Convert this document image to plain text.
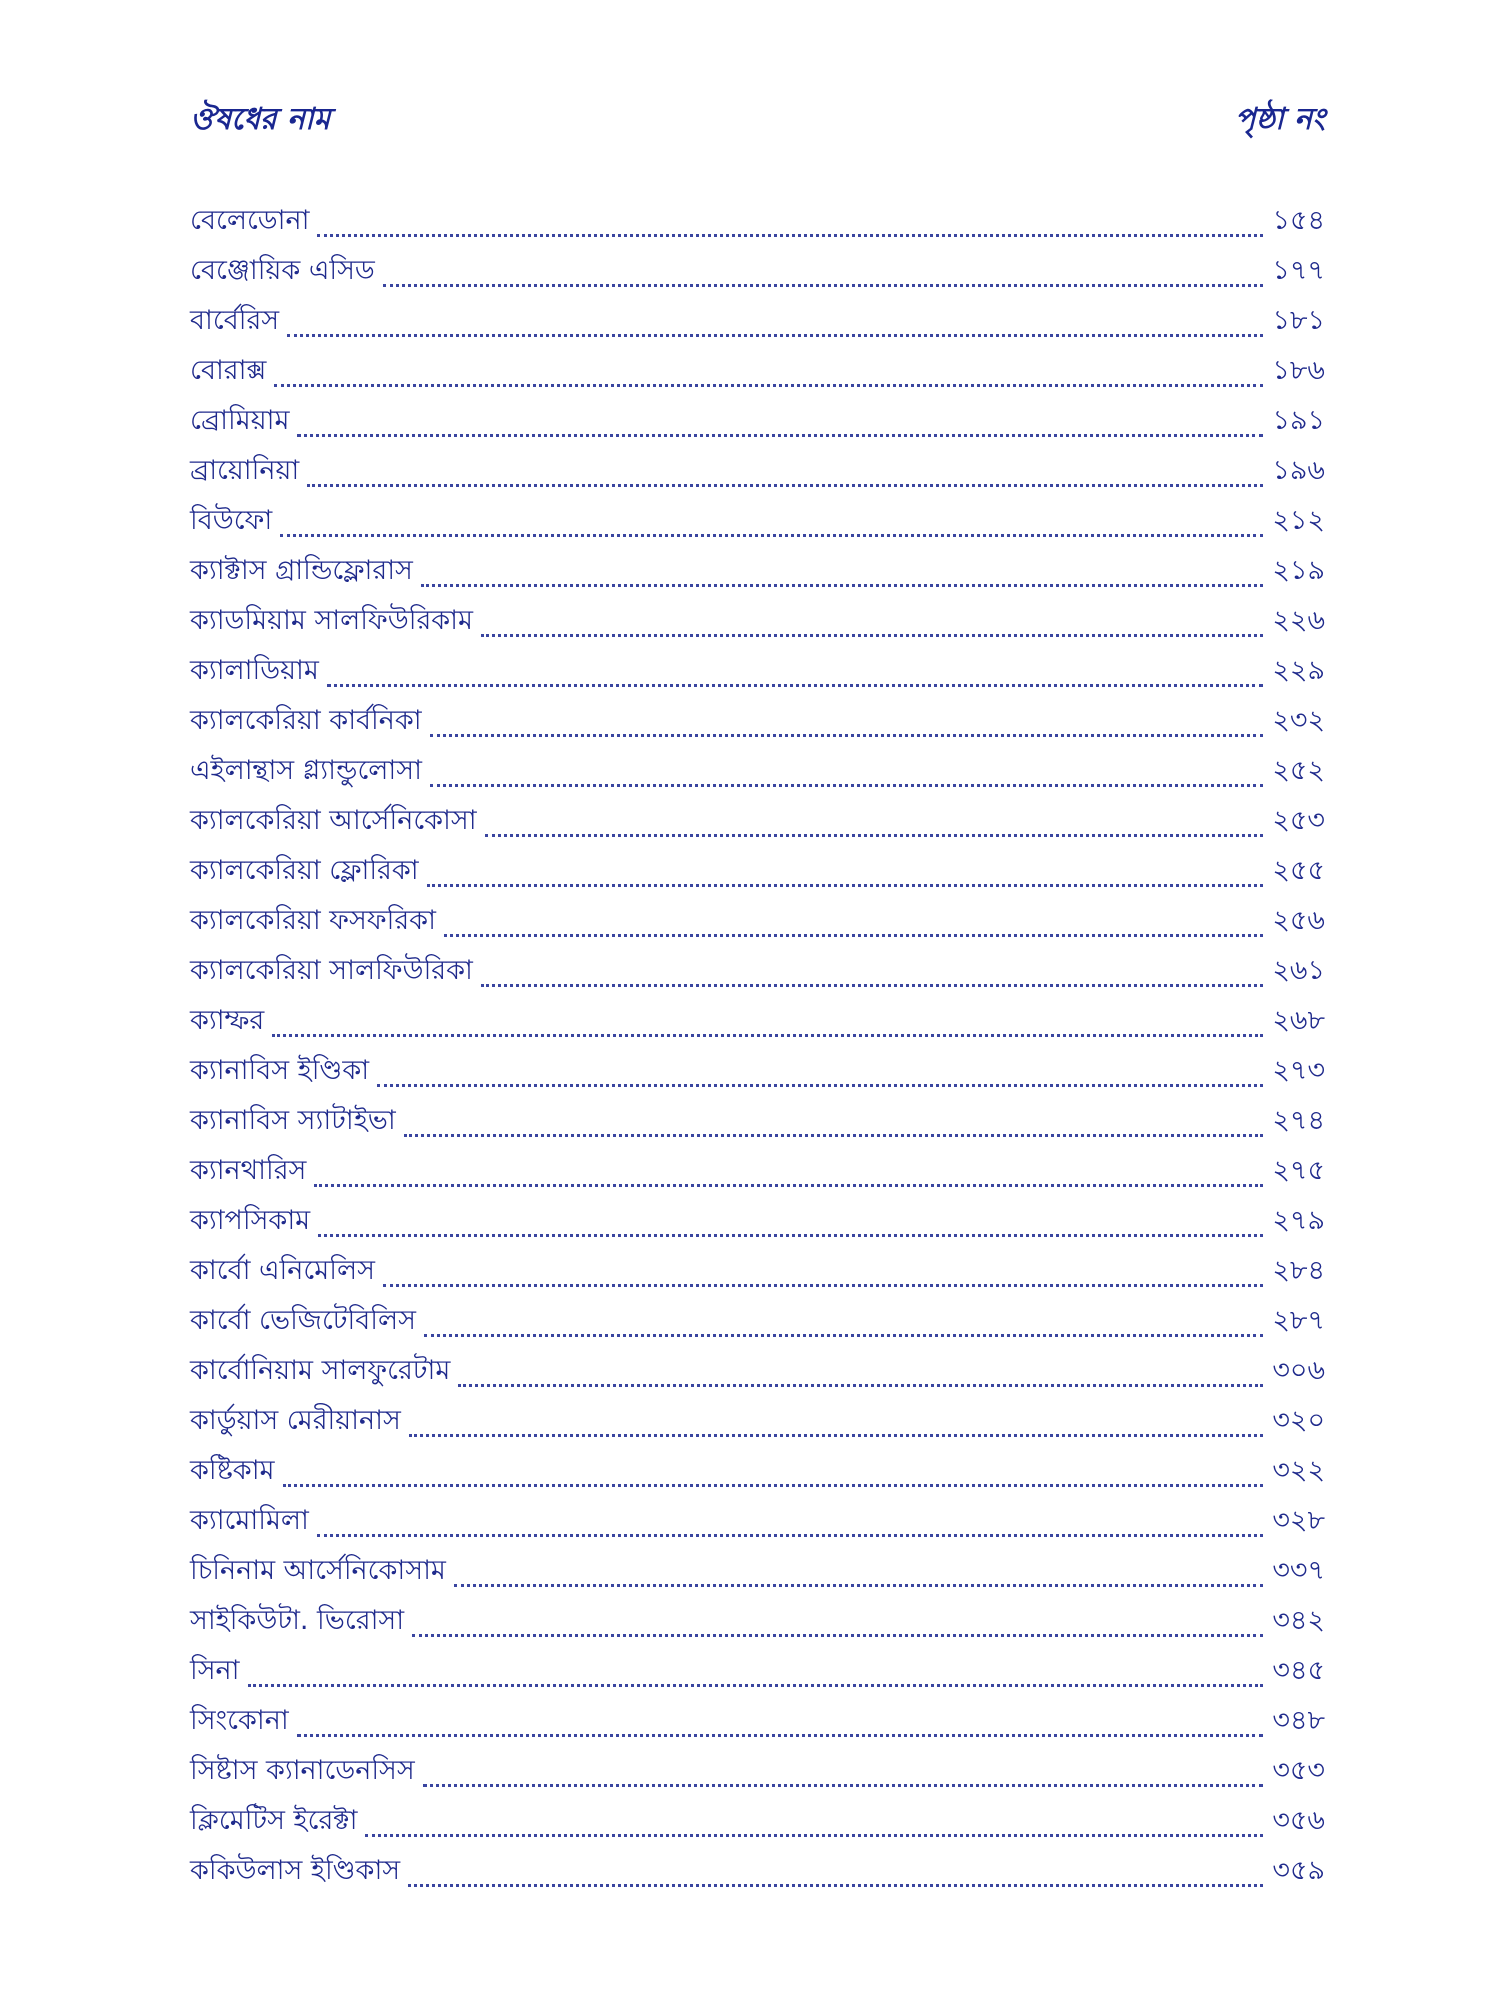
ঔষধের নাম	পৃষ্ঠা নং
বেলেডোনা	১৫৪
বেঞ্জোয়িক এসিড	১৭৭
বার্বেরিস	১৮১
বোরাক্স	১৮৬
ব্রোমিয়াম	১৯১
ব্রায়োনিয়া	১৯৬
বিউফো	২১২
ক্যাক্টাস গ্রান্ডিফ্লোরাস	২১৯
ক্যাডমিয়াম সালফিউরিকাম	২২৬
ক্যালাডিয়াম	২২৯
ক্যালকেরিয়া কার্বনিকা	২৩২
এইলান্থাস গ্ল্যান্ডুলোসা	২৫২
ক্যালকেরিয়া আর্সেনিকোসা	২৫৩
ক্যালকেরিয়া ফ্লোরিকা	২৫৫
ক্যালকেরিয়া ফসফরিকা	২৫৬
ক্যালকেরিয়া সালফিউরিকা	২৬১
ক্যাম্ফর	২৬৮
ক্যানাবিস ইণ্ডিকা	২৭৩
ক্যানাবিস স্যাটাইভা	২৭৪
ক্যানথারিস	২৭৫
ক্যাপসিকাম	২৭৯
কার্বো এনিমেলিস	২৮৪
কার্বো ভেজিটেবিলিস	২৮৭
কার্বোনিয়াম সালফুরেটাম	৩০৬
কার্ডুয়াস মেরীয়ানাস	৩২০
কষ্টিকাম	৩২২
ক্যামোমিলা	৩২৮
চিনিনাম আর্সেনিকোসাম	৩৩৭
সাইকিউটা. ভিরোসা	৩৪২
সিনা	৩৪৫
সিংকোনা	৩৪৮
সিষ্টাস ক্যানাডেনসিস	৩৫৩
ক্লিমেটিস ইরেক্টা	৩৫৬
ককিউলাস ইণ্ডিকাস	৩৫৯
